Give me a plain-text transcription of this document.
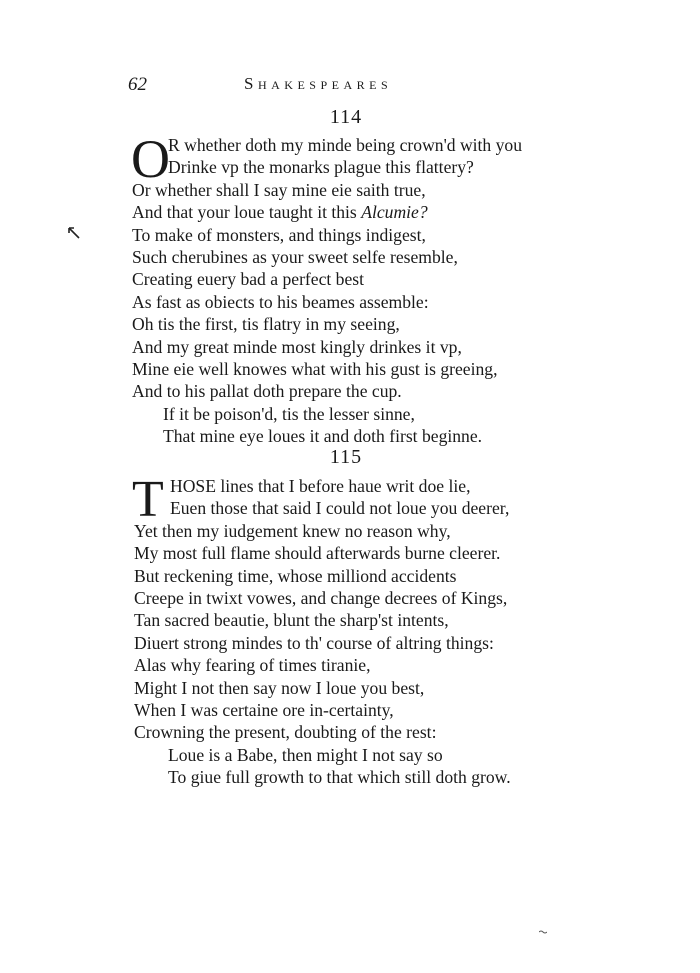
62	Shakespeares
114
O
R whether doth my minde being crown'd with you
Drinke vp the monarks plague this flattery?
Or whether shall I say mine eie saith true,
And that your loue taught it this Alcumie?
To make of monsters, and things indigest,
Such cherubines as your sweet selfe resemble,
Creating euery bad a perfect best
As fast as obiects to his beames assemble:
Oh tis the first, tis flatry in my seeing,
And my great minde most kingly drinkes it vp,
Mine eie well knowes what with his gust is greeing,
And to his pallat doth prepare the cup.
If it be poison'd, tis the lesser sinne,
That mine eye loues it and doth first beginne.
115
T HOSE lines that I before haue writ doe lie,
Euen those that said I could not loue you deerer,
Yet then my iudgement knew no reason why,
My most full flame should afterwards burne cleerer.
But reckening time, whose milliond accidents
Creepe in twixt vowes, and change decrees of Kings,
Tan sacred beautie, blunt the sharp'st intents,
Diuert strong mindes to th' course of altring things:
Alas why fearing of times tiranie,
Might I not then say now I loue you best,
When I was certaine ore in-certainty,
Crowning the present, doubting of the rest:
Loue is a Babe, then might I not say so
To giue full growth to that which still doth grow.
